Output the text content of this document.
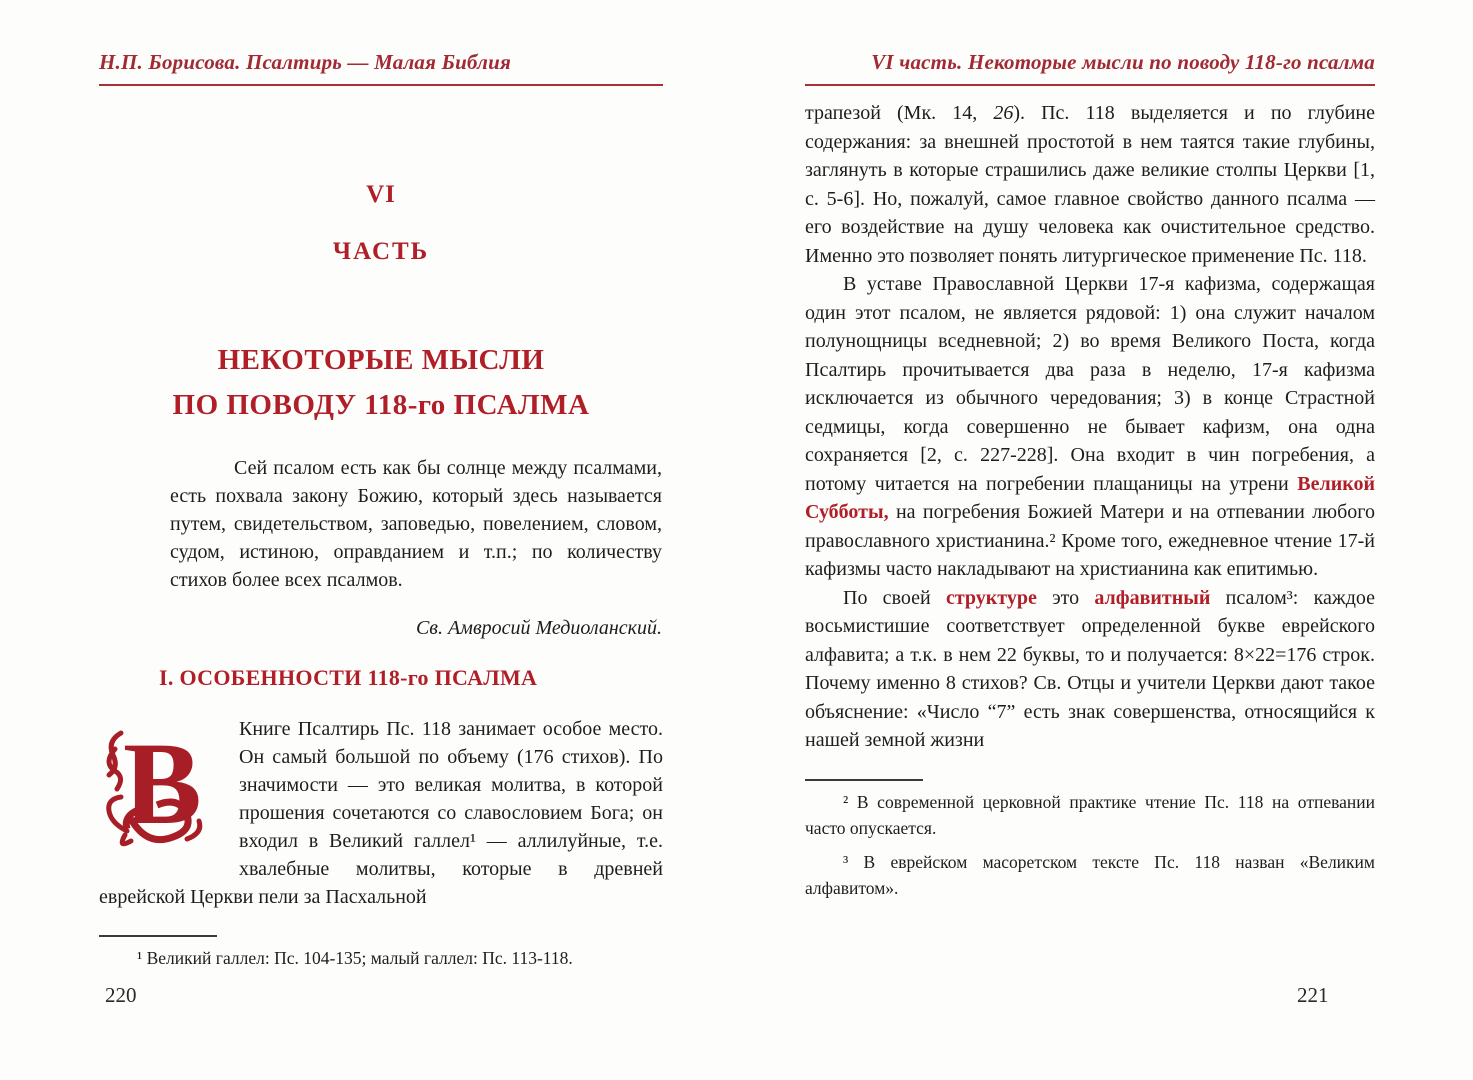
Н.П. Борисова. Псалтирь — Малая Библия
VI
ЧАСТЬ
НЕКОТОРЫЕ МЫСЛИ
ПО ПОВОДУ 118-го ПСАЛМА

Сей псалом есть как бы солнце между псалмами, есть похвала закону Божию, который здесь называется путем, свидетельством, заповедью, повелением, словом, судом, истиною, оправданием и т.п.; по количеству стихов более всех псалмов.

Св. Амвросий Медиоланский.
I. ОСОБЕННОСТИ 118-го ПСАЛМА
В Книге Псалтирь Пс. 118 занимает особое место. Он самый большой по объему (176 стихов). По значимости — это великая молитва, в которой прошения сочетаются со славословием Бога; он входил в Великий галлел¹ — аллилуйные, т.е. хвалебные молитвы, которые в древней еврейской Церкви пели за Пасхальной

¹ Великий галлел: Пс. 104-135; малый галлел: Пс. 113-118.

VI часть. Некоторые мысли по поводу 118-го псалма

трапезой (Мк. 14, 26). Пс. 118 выделяется и по глубине содержания: за внешней простотой в нем таятся такие глубины, заглянуть в которые страшились даже великие столпы Церкви [1, с. 5-6]. Но, пожалуй, самое главное свойство данного псалма — его воздействие на душу человека как очистительное средство. Именно это позволяет понять литургическое применение Пс. 118.

В уставе Православной Церкви 17-я кафизма, содержащая один этот псалом, не является рядовой: 1) она служит началом полунощницы вседневной; 2) во время Великого Поста, когда Псалтирь прочитывается два раза в неделю, 17-я кафизма исключается из обычного чередования; 3) в конце Страстной седмицы, когда совершенно не бывает кафизм, она одна сохраняется [2, с. 227-228]. Она входит в чин погребения, а потому читается на погребении плащаницы на утрени Великой Субботы, на погребения Божией Матери и на отпевании любого православного христианина.² Кроме того, ежедневное чтение 17-й кафизмы часто накладывают на христианина как епитимью.

По своей структуре это алфавитный псалом³: каждое восьмистишие соответствует определенной букве еврейского алфавита; а т.к. в нем 22 буквы, то и получается: 8×22=176 строк. Почему именно 8 стихов? Св. Отцы и учители Церкви дают такое объяснение: «Число “7” есть знак совершенства, относящийся к нашей земной жизни

² В современной церковной практике чтение Пс. 118 на отпевании часто опускается.

³ В еврейском масоретском тексте Пс. 118 назван «Великим алфавитом».

220	221
